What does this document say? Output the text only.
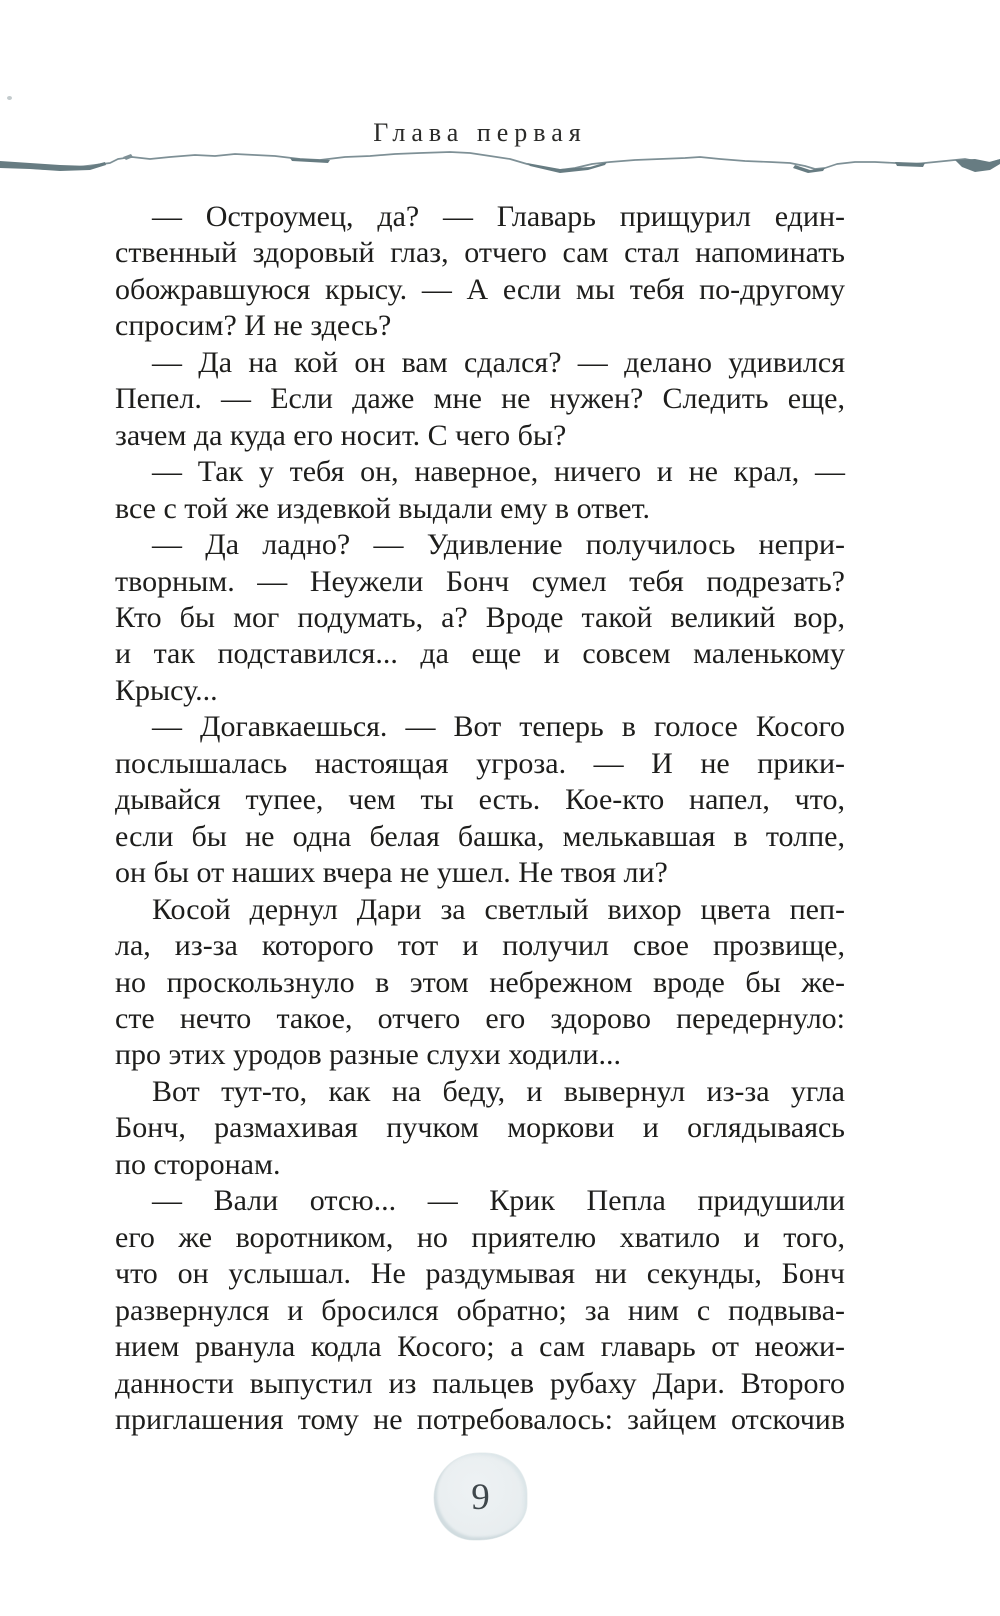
Глава первая
— Остроумец, да? — Главарь прищурил един-
ственный здоровый глаз, отчего сам стал напоминать
обожравшуюся крысу. — А если мы тебя по-другому
спросим? И не здесь?
— Да на кой он вам сдался? — делано удивился
Пепел. — Если даже мне не нужен? Следить еще,
зачем да куда его носит. С чего бы?
— Так у тебя он, наверное, ничего и не крал, —
все с той же издевкой выдали ему в ответ.
— Да ладно? — Удивление получилось непри-
творным. — Неужели Бонч сумел тебя подрезать?
Кто бы мог подумать, а? Вроде такой великий вор,
и так подставился... да еще и совсем маленькому
Крысу...
— Догавкаешься. — Вот теперь в голосе Косого
послышалась настоящая угроза. — И не прики-
дывайся тупее, чем ты есть. Кое-кто напел, что,
если бы не одна белая башка, мелькавшая в толпе,
он бы от наших вчера не ушел. Не твоя ли?
Косой дернул Дари за светлый вихор цвета пеп-
ла, из-за которого тот и получил свое прозвище,
но проскользнуло в этом небрежном вроде бы же-
сте нечто такое, отчего его здорово передернуло:
про этих уродов разные слухи ходили...
Вот тут-то, как на беду, и вывернул из-за угла
Бонч, размахивая пучком моркови и оглядываясь
по сторонам.
— Вали отсю... — Крик Пепла придушили
его же воротником, но приятелю хватило и того,
что он услышал. Не раздумывая ни секунды, Бонч
развернулся и бросился обратно; за ним с подвыва-
нием рванула кодла Косого; а сам главарь от неожи-
данности выпустил из пальцев рубаху Дари. Второго
приглашения тому не потребовалось: зайцем отскочив
9
